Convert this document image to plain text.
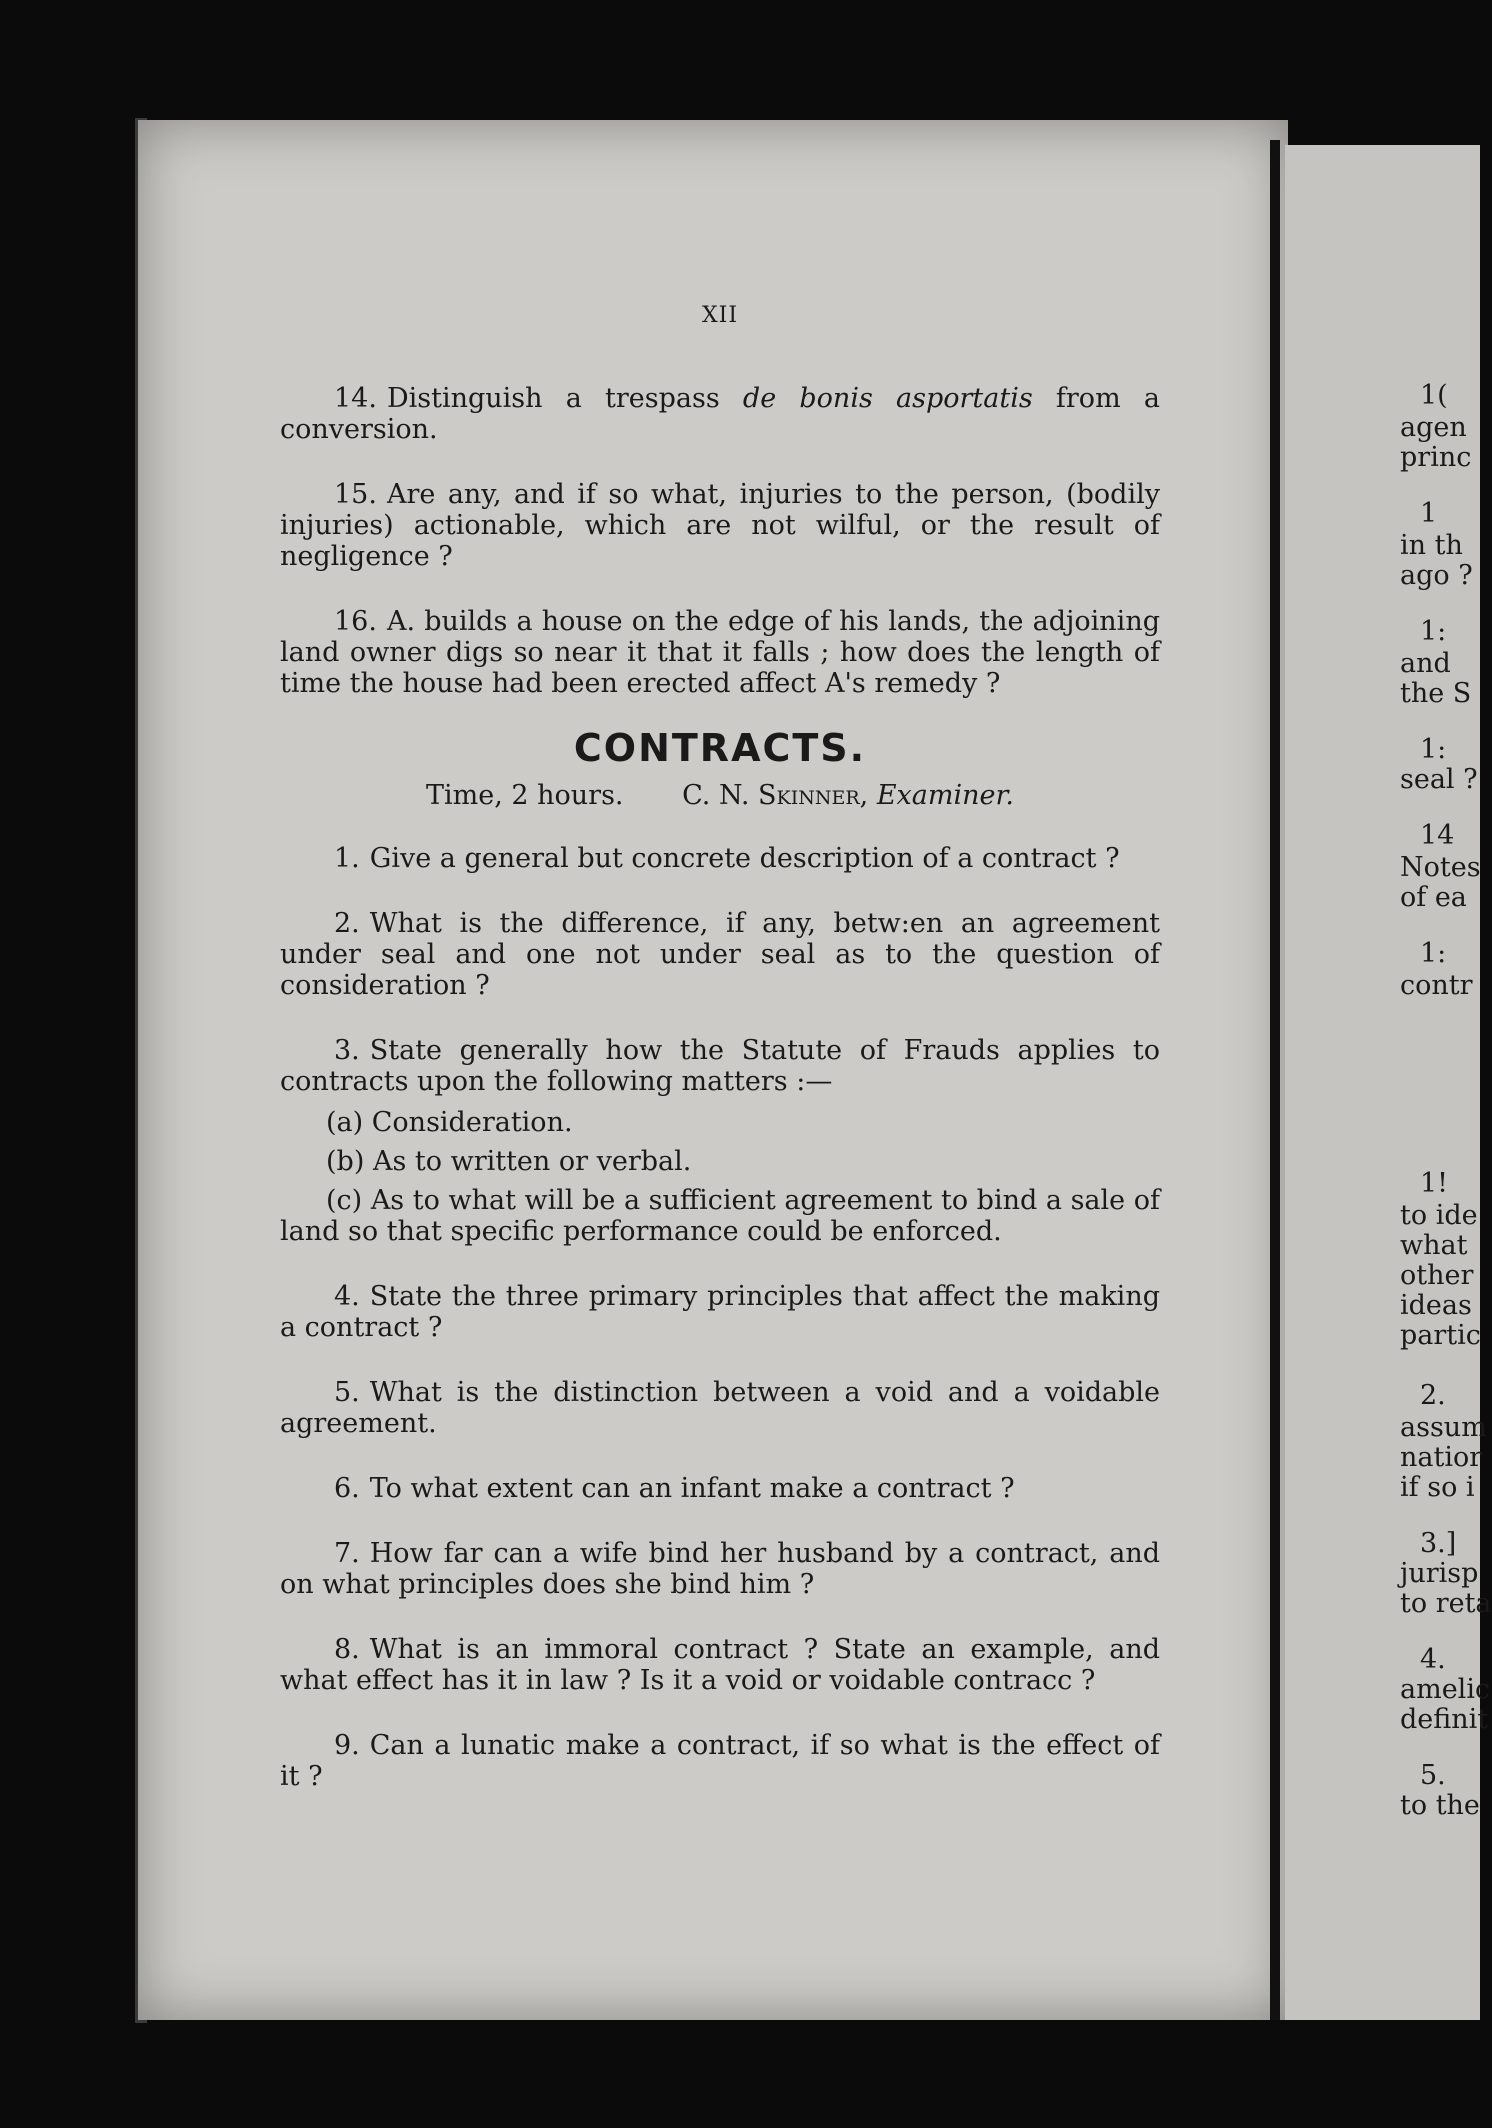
XII

14. Distinguish a trespass de bonis asportatis from a conversion.

15. Are any, and if so what, injuries to the person, (bodily injuries) actionable, which are not wilful, or the result of negligence ?

16. A. builds a house on the edge of his lands, the adjoining land owner digs so near it that it falls ; how does the length of time the house had been erected affect A's remedy ?

CONTRACTS.
Time, 2 hours. C. N. Skinner, Examiner.

1. Give a general but concrete description of a contract ?

2. What is the difference, if any, betw:en an agreement under seal and one not under seal as to the question of consideration ?

3. State generally how the Statute of Frauds applies to contracts upon the following matters :—

(a) Consideration.

(b) As to written or verbal.

(c) As to what will be a sufficient agreement to bind a sale of land so that specific performance could be enforced.

4. State the three primary principles that affect the making a contract ?

5. What is the distinction between a void and a voidable agreement.

6. To what extent can an infant make a contract ?

7. How far can a wife bind her husband by a contract, and on what principles does she bind him ?

8. What is an immoral contract ? State an example, and what effect has it in law ? Is it a void or voidable contracc ?

9. Can a lunatic make a contract, if so what is the effect of it ?

1(
agen
princ
1
in th
ago ?
1:
and
the S
1:
seal ?
14
Notes
of ea
1:
contr
1!
to ide
what
other
ideas
partic
2.
assum
natior
if so i
3.]
jurisp
to reta
4.
amelic
definit
5.
to the
